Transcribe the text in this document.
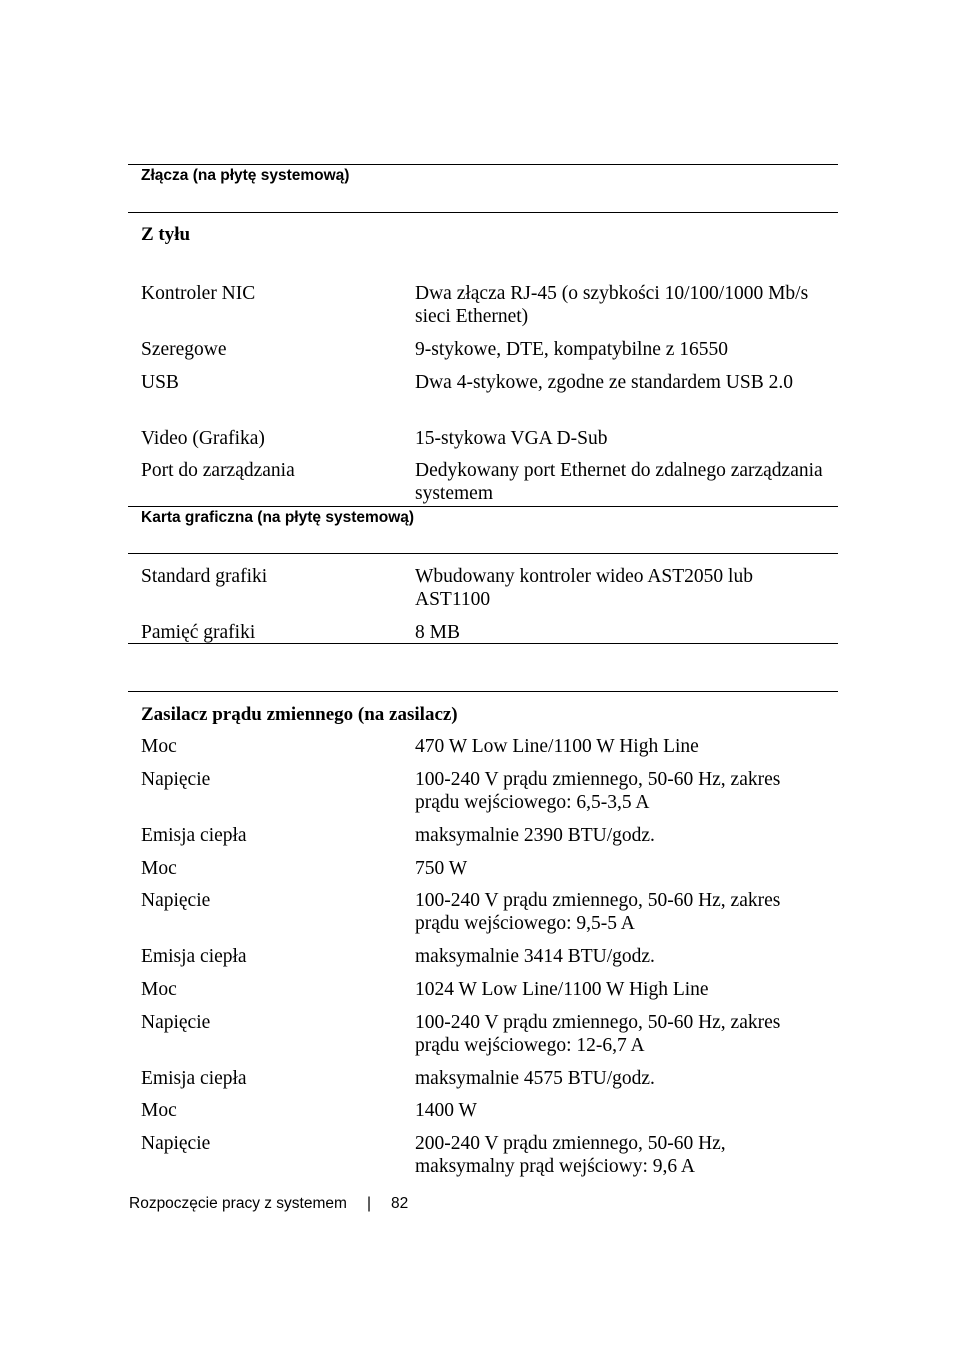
Złącza (na płytę systemową)
Z tyłu
Kontroler NIC	Dwa złącza RJ-45 (o szybkości 10/100/1000 Mb/s sieci Ethernet)
Szeregowe	9-stykowe, DTE, kompatybilne z 16550
USB	Dwa 4-stykowe, zgodne ze standardem USB 2.0
Video (Grafika)	15-stykowa VGA D-Sub
Port do zarządzania	Dedykowany port Ethernet do zdalnego zarządzania systemem
Karta graficzna (na płytę systemową)
Standard grafiki	Wbudowany kontroler wideo AST2050 lub AST1100
Pamięć grafiki	8 MB
Zasilacz prądu zmiennego (na zasilacz)
Moc	470 W Low Line/1100 W High Line
Napięcie	100-240 V prądu zmiennego, 50-60 Hz, zakres prądu wejściowego: 6,5-3,5 A
Emisja ciepła	maksymalnie 2390 BTU/godz.
Moc	750 W
Napięcie	100-240 V prądu zmiennego, 50-60 Hz, zakres prądu wejściowego: 9,5-5 A
Emisja ciepła	maksymalnie 3414 BTU/godz.
Moc	1024 W Low Line/1100 W High Line
Napięcie	100-240 V prądu zmiennego, 50-60 Hz, zakres prądu wejściowego: 12-6,7 A
Emisja ciepła	maksymalnie 4575 BTU/godz.
Moc	1400 W
Napięcie	200-240 V prądu zmiennego, 50-60 Hz, maksymalny prąd wejściowy: 9,6 A
Rozpoczęcie pracy z systemem | 82
